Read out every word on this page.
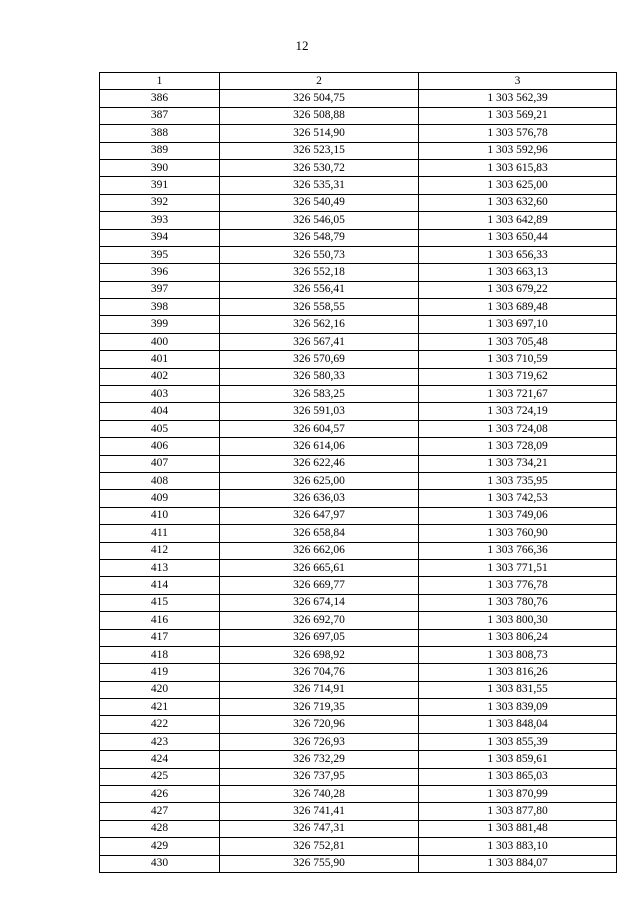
12
1	2	3
386	326 504,75	1 303 562,39
387	326 508,88	1 303 569,21
388	326 514,90	1 303 576,78
389	326 523,15	1 303 592,96
390	326 530,72	1 303 615,83
391	326 535,31	1 303 625,00
392	326 540,49	1 303 632,60
393	326 546,05	1 303 642,89
394	326 548,79	1 303 650,44
395	326 550,73	1 303 656,33
396	326 552,18	1 303 663,13
397	326 556,41	1 303 679,22
398	326 558,55	1 303 689,48
399	326 562,16	1 303 697,10
400	326 567,41	1 303 705,48
401	326 570,69	1 303 710,59
402	326 580,33	1 303 719,62
403	326 583,25	1 303 721,67
404	326 591,03	1 303 724,19
405	326 604,57	1 303 724,08
406	326 614,06	1 303 728,09
407	326 622,46	1 303 734,21
408	326 625,00	1 303 735,95
409	326 636,03	1 303 742,53
410	326 647,97	1 303 749,06
411	326 658,84	1 303 760,90
412	326 662,06	1 303 766,36
413	326 665,61	1 303 771,51
414	326 669,77	1 303 776,78
415	326 674,14	1 303 780,76
416	326 692,70	1 303 800,30
417	326 697,05	1 303 806,24
418	326 698,92	1 303 808,73
419	326 704,76	1 303 816,26
420	326 714,91	1 303 831,55
421	326 719,35	1 303 839,09
422	326 720,96	1 303 848,04
423	326 726,93	1 303 855,39
424	326 732,29	1 303 859,61
425	326 737,95	1 303 865,03
426	326 740,28	1 303 870,99
427	326 741,41	1 303 877,80
428	326 747,31	1 303 881,48
429	326 752,81	1 303 883,10
430	326 755,90	1 303 884,07
